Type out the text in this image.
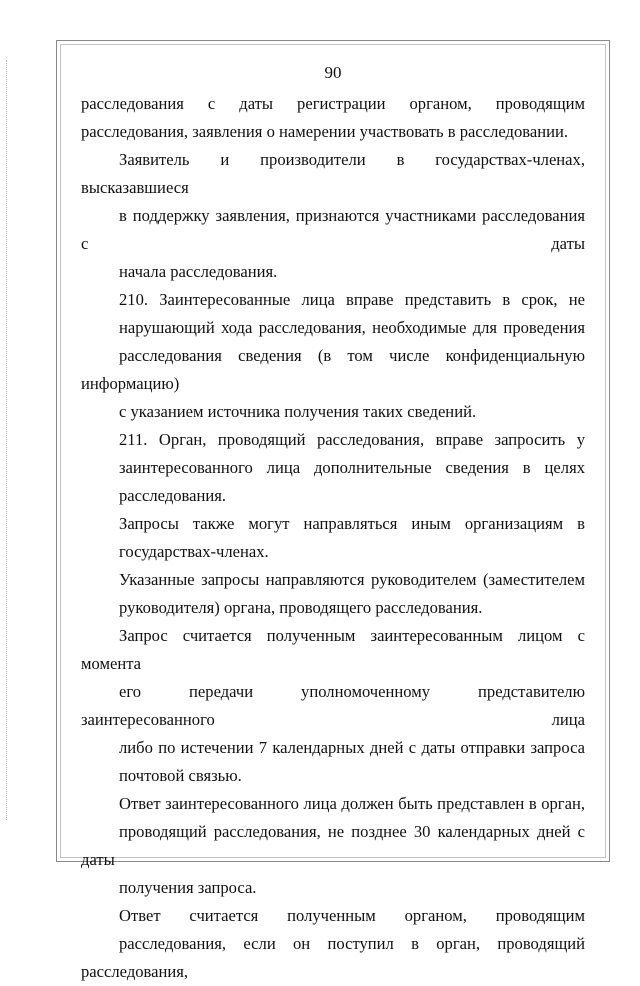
90

расследования с даты регистрации органом, проводящим
расследования, заявления о намерении участвовать в расследовании.

Заявитель и производители в государствах-членах, высказавшиеся
в поддержку заявления, признаются участниками расследования с даты
начала расследования.

210. Заинтересованные лица вправе представить в срок, не
нарушающий хода расследования, необходимые для проведения
расследования сведения (в том числе конфиденциальную информацию)
с указанием источника получения таких сведений.

211. Орган, проводящий расследования, вправе запросить у
заинтересованного лица дополнительные сведения в целях
расследования.

Запросы также могут направляться иным организациям в
государствах-членах.

Указанные запросы направляются руководителем (заместителем
руководителя) органа, проводящего расследования.

Запрос считается полученным заинтересованным лицом с момента
его передачи уполномоченному представителю заинтересованного лица
либо по истечении 7 календарных дней с даты отправки запроса
почтовой связью.

Ответ заинтересованного лица должен быть представлен в орган,
проводящий расследования, не позднее 30 календарных дней с даты
получения запроса.

Ответ считается полученным органом, проводящим
расследования, если он поступил в орган, проводящий расследования,
